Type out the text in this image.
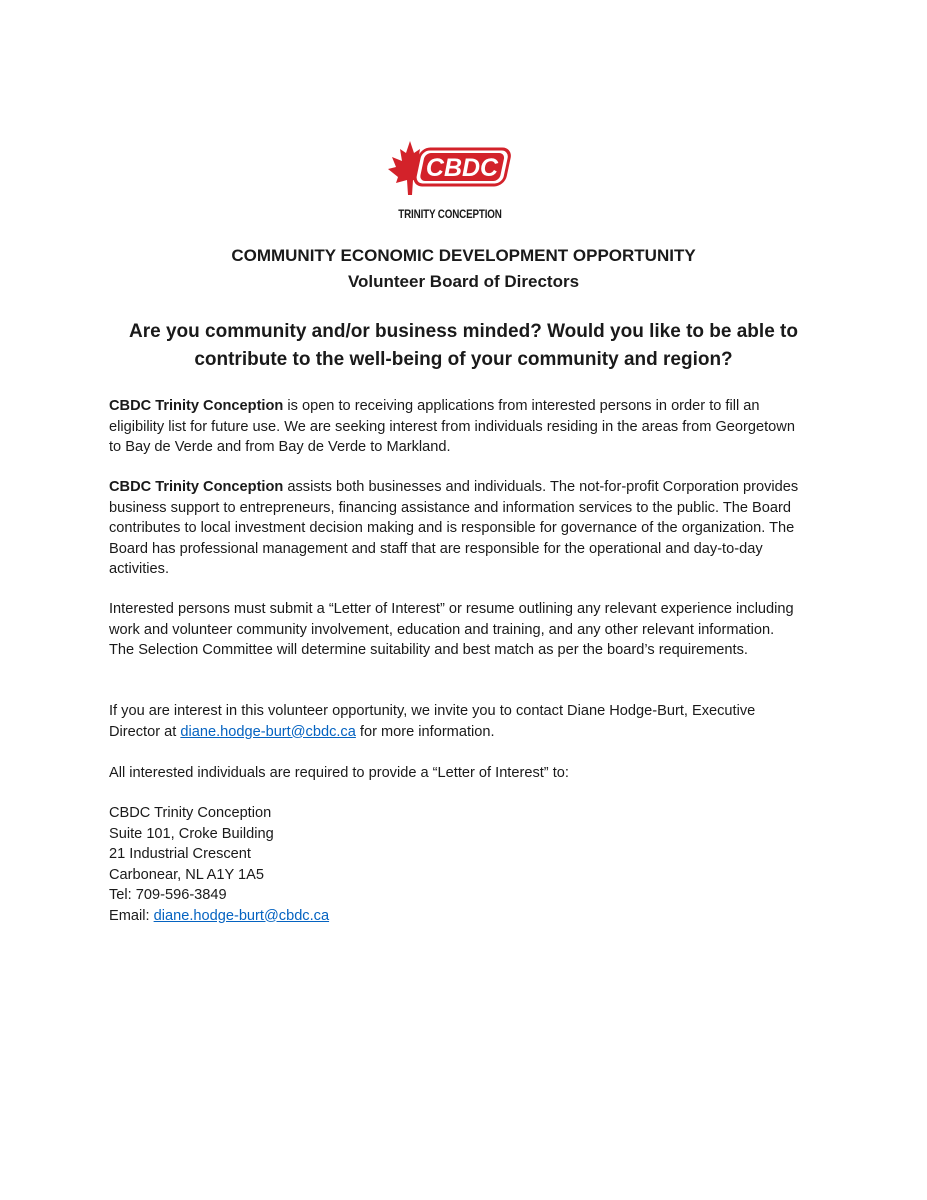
CBDC
TRINITY CONCEPTION
COMMUNITY ECONOMIC DEVELOPMENT OPPORTUNITY
Volunteer Board of Directors
Are you community and/or business minded? Would you like to be able to
contribute to the well-being of your community and region?

CBDC Trinity Conception is open to receiving applications from interested persons in order to fill an eligibility list for future use. We are seeking interest from individuals residing in the areas from Georgetown to Bay de Verde and from Bay de Verde to Markland.

CBDC Trinity Conception assists both businesses and individuals. The not-for-profit Corporation provides business support to entrepreneurs, financing assistance and information services to the public. The Board contributes to local investment decision making and is responsible for governance of the organization. The Board has professional management and staff that are responsible for the operational and day-to-day activities.

Interested persons must submit a “Letter of Interest” or resume outlining any relevant experience including work and volunteer community involvement, education and training, and any other relevant information. The Selection Committee will determine suitability and best match as per the board’s requirements.

If you are interest in this volunteer opportunity, we invite you to contact Diane Hodge-Burt, Executive Director at diane.hodge-burt@cbdc.ca for more information.

All interested individuals are required to provide a “Letter of Interest” to:

CBDC Trinity Conception
Suite 101, Croke Building
21 Industrial Crescent
Carbonear, NL A1Y 1A5
Tel: 709-596-3849
Email: diane.hodge-burt@cbdc.ca
